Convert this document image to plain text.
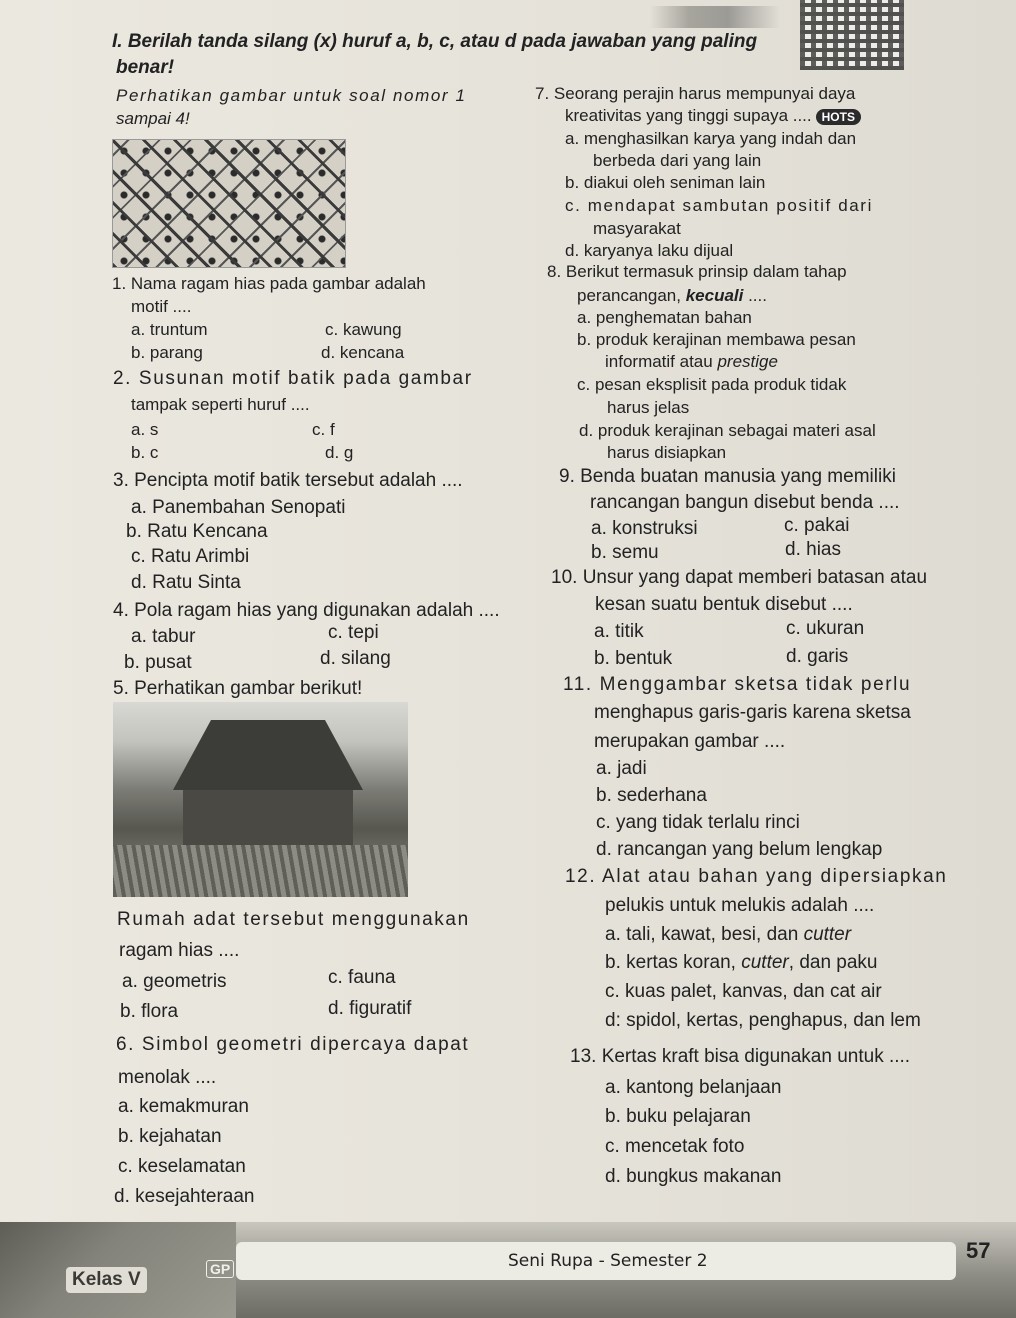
I. Berilah tanda silang (x) huruf a, b, c, atau d pada jawaban yang paling
benar!
Perhatikan gambar untuk soal nomor 1
sampai 4!
1. Nama ragam hias pada gambar adalah
motif ....
a. truntum	c. kawung
b. parang	d. kencana
2. Susunan motif batik pada gambar
tampak seperti huruf ....
a. s	c. f
b. c	d. g
3. Pencipta motif batik tersebut adalah ....
a. Panembahan Senopati
b. Ratu Kencana
c. Ratu Arimbi
d. Ratu Sinta
4. Pola ragam hias yang digunakan adalah ....
a. tabur	c. tepi
b. pusat	d. silang
5. Perhatikan gambar berikut!
Rumah adat tersebut menggunakan
ragam hias ....
a. geometris	c. fauna
b. flora	d. figuratif
6. Simbol geometri dipercaya dapat
menolak ....
a. kemakmuran
b. kejahatan
c. keselamatan
d. kesejahteraan
7. Seorang perajin harus mempunyai daya
kreativitas yang tinggi supaya .... HOTS
a. menghasilkan karya yang indah dan
berbeda dari yang lain
b. diakui oleh seniman lain
c. mendapat sambutan positif dari
masyarakat
d. karyanya laku dijual
8. Berikut termasuk prinsip dalam tahap
perancangan, kecuali ....
a. penghematan bahan
b. produk kerajinan membawa pesan
informatif atau prestige
c. pesan eksplisit pada produk tidak
harus jelas
d. produk kerajinan sebagai materi asal
harus disiapkan
9. Benda buatan manusia yang memiliki
rancangan bangun disebut benda ....
a. konstruksi	c. pakai
b. semu	d. hias
10. Unsur yang dapat memberi batasan atau
kesan suatu bentuk disebut ....
a. titik	c. ukuran
b. bentuk	d. garis
11. Menggambar sketsa tidak perlu
menghapus garis-garis karena sketsa
merupakan gambar ....
a. jadi
b. sederhana
c. yang tidak terlalu rinci
d. rancangan yang belum lengkap
12. Alat atau bahan yang dipersiapkan
pelukis untuk melukis adalah ....
a. tali, kawat, besi, dan cutter
b. kertas koran, cutter, dan paku
c. kuas palet, kanvas, dan cat air
d: spidol, kertas, penghapus, dan lem
13. Kertas kraft bisa digunakan untuk ....
a. kantong belanjaan
b. buku pelajaran
c. mencetak foto
d. bungkus makanan
Kelas V	GP	Seni Rupa - Semester 2	57
